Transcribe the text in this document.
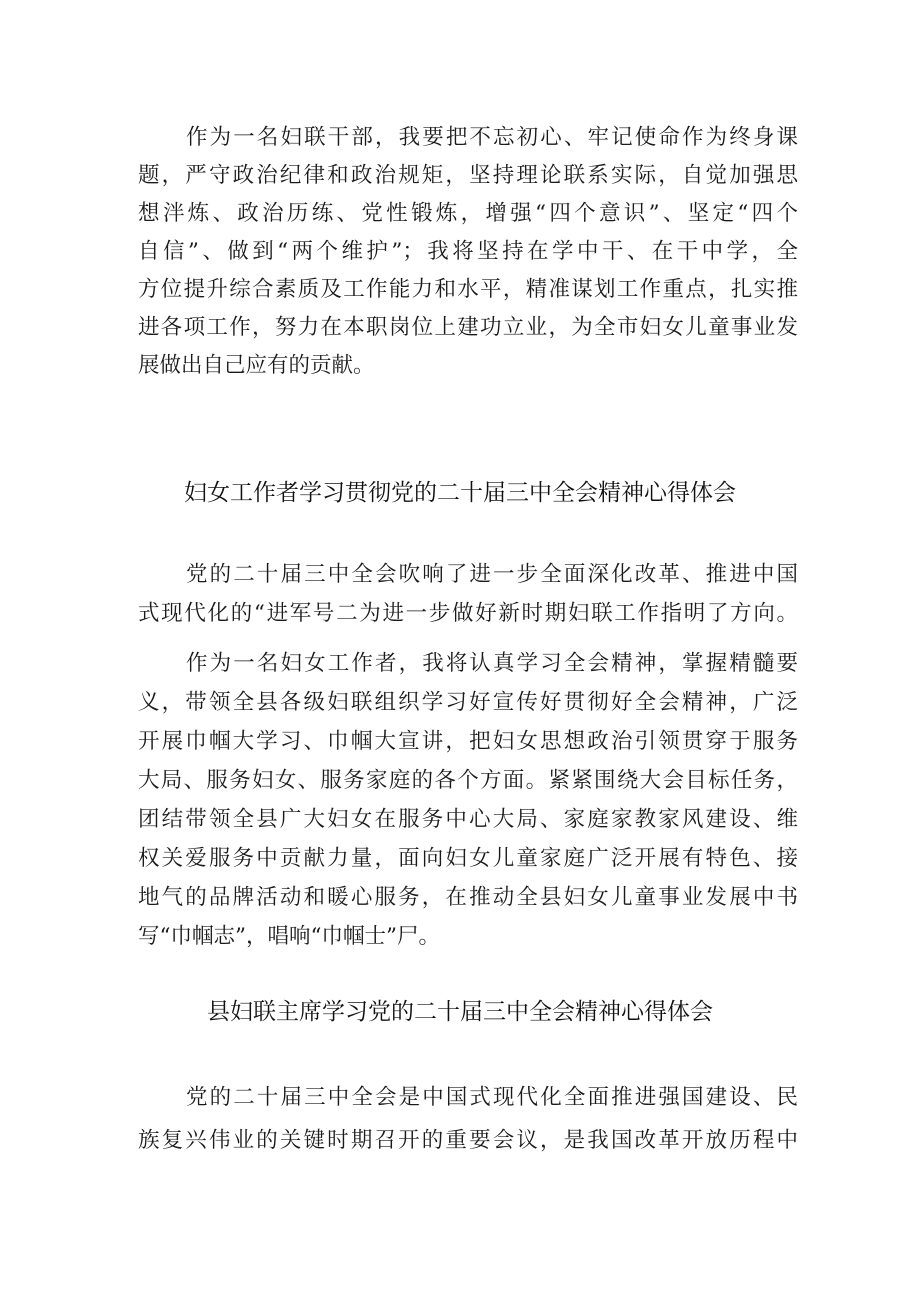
作为一名妇联干部，我要把不忘初心、牢记使命作为终身课
题，严守政治纪律和政治规矩，坚持理论联系实际，自觉加强思
想泮炼、政治历练、党性锻炼，增强“四个意识”、坚定“四个
自信”、做到“两个维护”；我将坚持在学中干、在干中学，全
方位提升综合素质及工作能力和水平，精准谋划工作重点，扎实推
进各项工作，努力在本职岗位上建功立业，为全市妇女儿童事业发
展做出自己应有的贡献。
妇女工作者学习贯彻党的二十届三中全会精神心得体会
党的二十届三中全会吹响了进一步全面深化改革、推进中国
式现代化的“进军号二为进一步做好新时期妇联工作指明了方向。
作为一名妇女工作者，我将认真学习全会精神，掌握精髓要
义，带领全县各级妇联组织学习好宣传好贯彻好全会精神，广泛
开展巾帼大学习、巾帼大宣讲，把妇女思想政治引领贯穿于服务
大局、服务妇女、服务家庭的各个方面。紧紧围绕大会目标任务，
团结带领全县广大妇女在服务中心大局、家庭家教家风建设、维
权关爱服务中贡献力量，面向妇女儿童家庭广泛开展有特色、接
地气的品牌活动和暖心服务，在推动全县妇女儿童事业发展中书
写“巾帼志”，唱响“巾帼士”尸。
县妇联主席学习党的二十届三中全会精神心得体会
党的二十届三中全会是中国式现代化全面推进强国建设、民
族复兴伟业的关键时期召开的重要会议，是我国改革开放历程中
